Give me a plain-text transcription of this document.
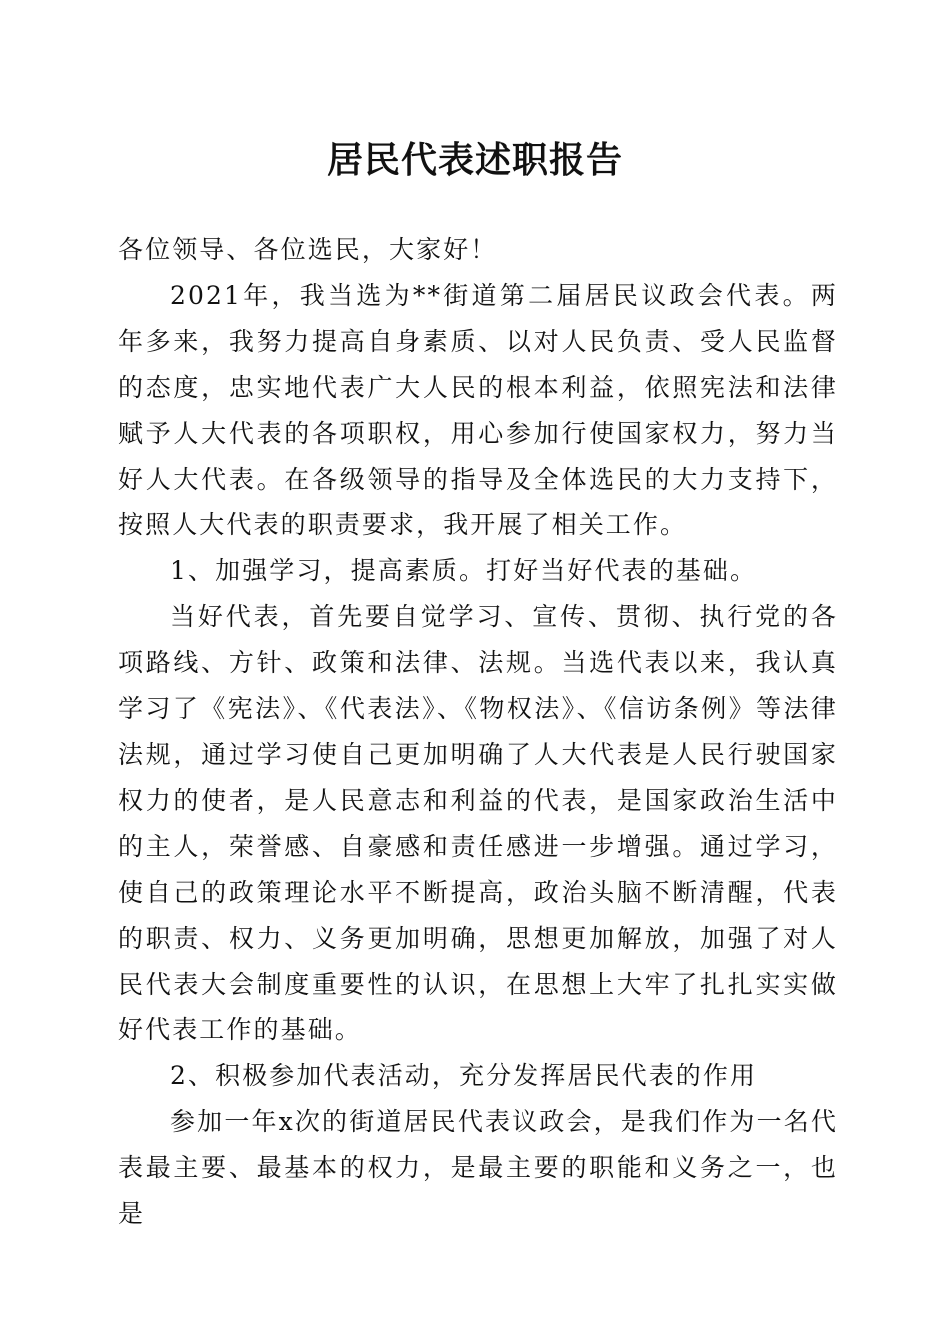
居民代表述职报告

各位领导、各位选民，大家好！

2021年，我当选为**街道第二届居民议政会代表。两年多来，我努力提高自身素质、以对人民负责、受人民监督的态度，忠实地代表广大人民的根本利益，依照宪法和法律赋予人大代表的各项职权，用心参加行使国家权力，努力当好人大代表。在各级领导的指导及全体选民的大力支持下，按照人大代表的职责要求，我开展了相关工作。

1、加强学习，提高素质。打好当好代表的基础。

当好代表，首先要自觉学习、宣传、贯彻、执行党的各项路线、方针、政策和法律、法规。当选代表以来，我认真学习了《宪法》、《代表法》、《物权法》、《信访条例》等法律法规，通过学习使自己更加明确了人大代表是人民行驶国家权力的使者，是人民意志和利益的代表，是国家政治生活中的主人，荣誉感、自豪感和责任感进一步增强。通过学习，使自己的政策理论水平不断提高，政治头脑不断清醒，代表的职责、权力、义务更加明确，思想更加解放，加强了对人民代表大会制度重要性的认识，在思想上大牢了扎扎实实做好代表工作的基础。

2、积极参加代表活动，充分发挥居民代表的作用

参加一年x次的街道居民代表议政会，是我们作为一名代表最主要、最基本的权力，是最主要的职能和义务之一，也是
